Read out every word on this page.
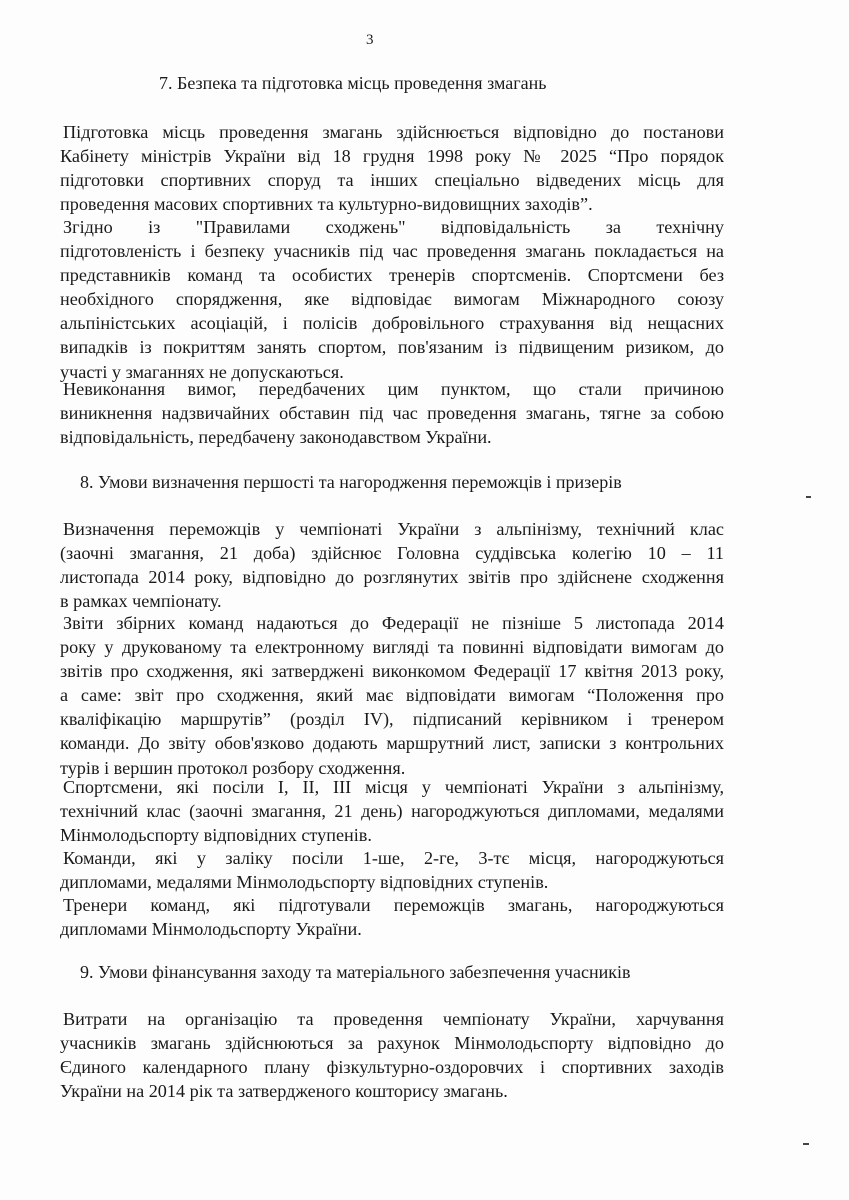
3
7. Безпека та підготовка місць проведення змагань
Підготовка місць проведення змагань здійснюється відповідно до постанови
Кабінету міністрів України від 18 грудня 1998 року № 2025 “Про порядок
підготовки спортивних споруд та інших спеціально відведених місць для
проведення масових спортивних та культурно-видовищних заходів”.
Згідно із "Правилами сходжень" відповідальність за технічну
підготовленість і безпеку учасників під час проведення змагань покладається на
представників команд та особистих тренерів спортсменів. Спортсмени без
необхідного спорядження, яке відповідає вимогам Міжнародного союзу
альпіністських асоціацій, і полісів добровільного страхування від нещасних
випадків із покриттям занять спортом, пов'язаним із підвищеним ризиком, до
участі у змаганнях не допускаються.
Невиконання вимог, передбачених цим пунктом, що стали причиною
виникнення надзвичайних обставин під час проведення змагань, тягне за собою
відповідальність, передбачену законодавством України.
8. Умови визначення першості та нагородження переможців і призерів
Визначення переможців у чемпіонаті України з альпінізму, технічний клас
(заочні змагання, 21 доба) здійснює Головна суддівська колегію 10 – 11
листопада 2014 року, відповідно до розглянутих звітів про здійснене сходження
в рамках чемпіонату.
Звіти збірних команд надаються до Федерації не пізніше 5 листопада 2014
року у друкованому та електронному вигляді та повинні відповідати вимогам до
звітів про сходження, які затверджені виконкомом Федерації 17 квітня 2013 року,
а саме: звіт про сходження, який має відповідати вимогам “Положення про
кваліфікацію маршрутів” (розділ IV), підписаний керівником і тренером
команди. До звіту обов'язково додають маршрутний лист, записки з контрольних
турів і вершин протокол розбору сходження.
Спортсмени, які посіли I, II, III місця у чемпіонаті України з альпінізму,
технічний клас (заочні змагання, 21 день) нагороджуються дипломами, медалями
Мінмолодьспорту відповідних ступенів.
Команди, які у заліку посіли 1-ше, 2-ге, 3-тє місця, нагороджуються
дипломами, медалями Мінмолодьспорту відповідних ступенів.
Тренери команд, які підготували переможців змагань, нагороджуються
дипломами Мінмолодьспорту України.
9. Умови фінансування заходу та матеріального забезпечення учасників
Витрати на організацію та проведення чемпіонату України, харчування
учасників змагань здійснюються за рахунок Мінмолодьспорту відповідно до
Єдиного календарного плану фізкультурно-оздоровчих і спортивних заходів
України на 2014 рік та затвердженого кошторису змагань.
